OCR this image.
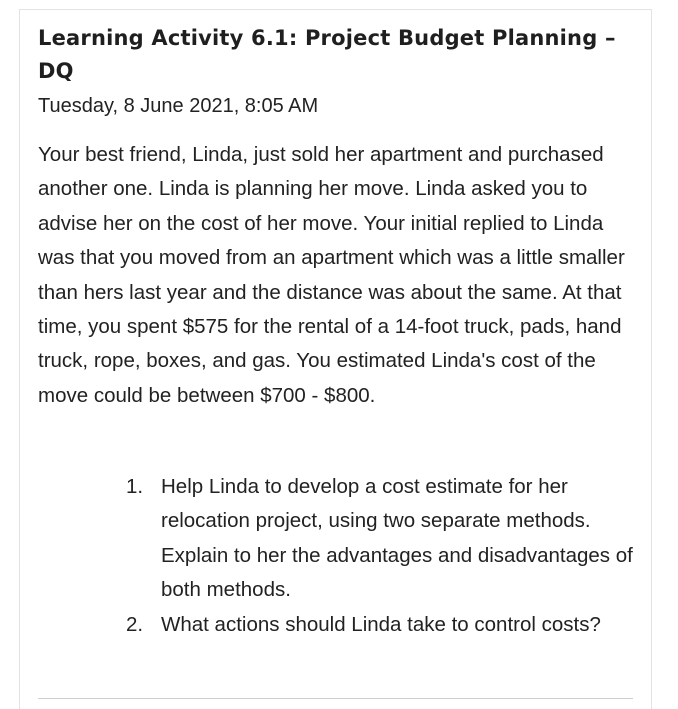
Learning Activity 6.1: Project Budget Planning – DQ
Tuesday, 8 June 2021, 8:05 AM

Your best friend, Linda, just sold her apartment and purchased another one. Linda is planning her move. Linda asked you to advise her on the cost of her move. Your initial replied to Linda was that you moved from an apartment which was a little smaller than hers last year and the distance was about the same. At that time, you spent $575 for the rental of a 14-foot truck, pads, hand truck, rope, boxes, and gas. You estimated Linda's cost of the move could be between $700 - $800.

1. Help Linda to develop a cost estimate for her relocation project, using two separate methods. Explain to her the advantages and disadvantages of both methods.
2. What actions should Linda take to control costs?
